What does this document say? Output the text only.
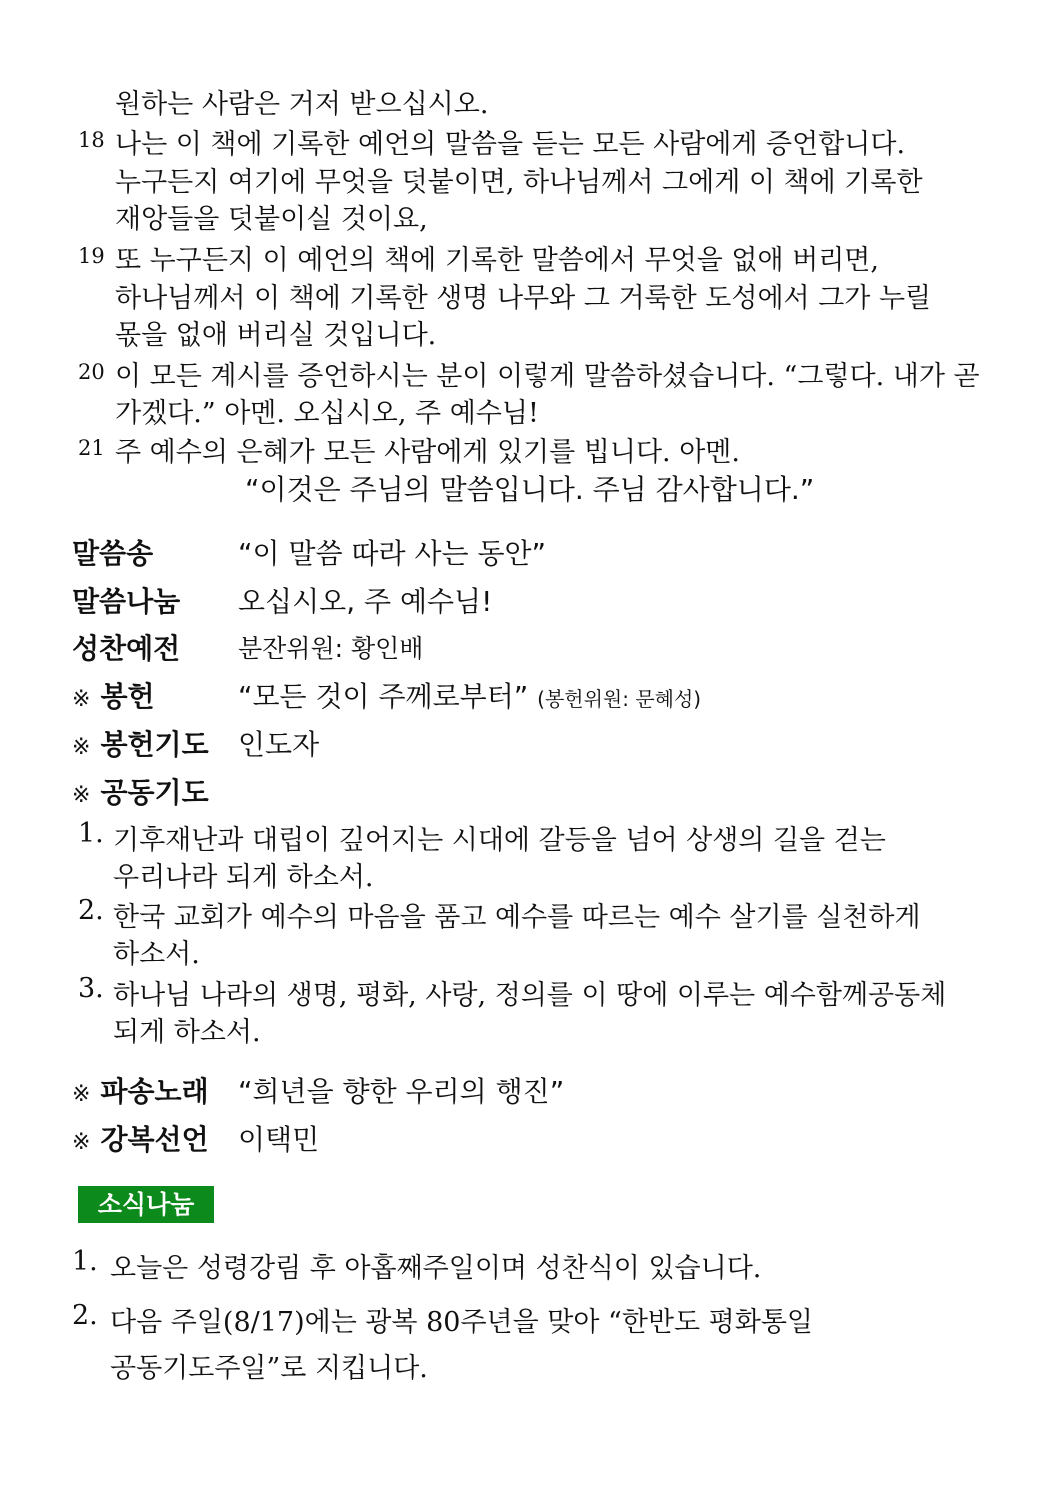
원하는 사람은 거저 받으십시오.
18 나는 이 책에 기록한 예언의 말씀을 듣는 모든 사람에게 증언합니다.
누구든지 여기에 무엇을 덧붙이면, 하나님께서 그에게 이 책에 기록한
재앙들을 덧붙이실 것이요,
19 또 누구든지 이 예언의 책에 기록한 말씀에서 무엇을 없애 버리면,
하나님께서 이 책에 기록한 생명 나무와 그 거룩한 도성에서 그가 누릴
몫을 없애 버리실 것입니다.
20 이 모든 계시를 증언하시는 분이 이렇게 말씀하셨습니다. “그렇다. 내가 곧
가겠다.” 아멘. 오십시오, 주 예수님!
21 주 예수의 은혜가 모든 사람에게 있기를 빕니다. 아멘.
“이것은 주님의 말씀입니다. 주님 감사합니다.”
말씀송	“이 말씀 따라 사는 동안”
말씀나눔 오십시오, 주 예수님!
성찬예전 분잔위원: 황인배
※ 봉헌	“모든 것이 주께로부터” (봉헌위원: 문혜성)
※ 봉헌기도 인도자
※ 공동기도
1. 기후재난과 대립이 깊어지는 시대에 갈등을 넘어 상생의 길을 걷는
우리나라 되게 하소서.
2. 한국 교회가 예수의 마음을 품고 예수를 따르는 예수 살기를 실천하게
하소서.
3. 하나님 나라의 생명, 평화, 사랑, 정의를 이 땅에 이루는 예수함께공동체
되게 하소서.
※ 파송노래 “희년을 향한 우리의 행진”
※ 강복선언 이택민
소식나눔
1. 오늘은 성령강림 후 아홉째주일이며 성찬식이 있습니다.
2. 다음 주일(8/17)에는 광복 80주년을 맞아 “한반도 평화통일
공동기도주일”로 지킵니다.
